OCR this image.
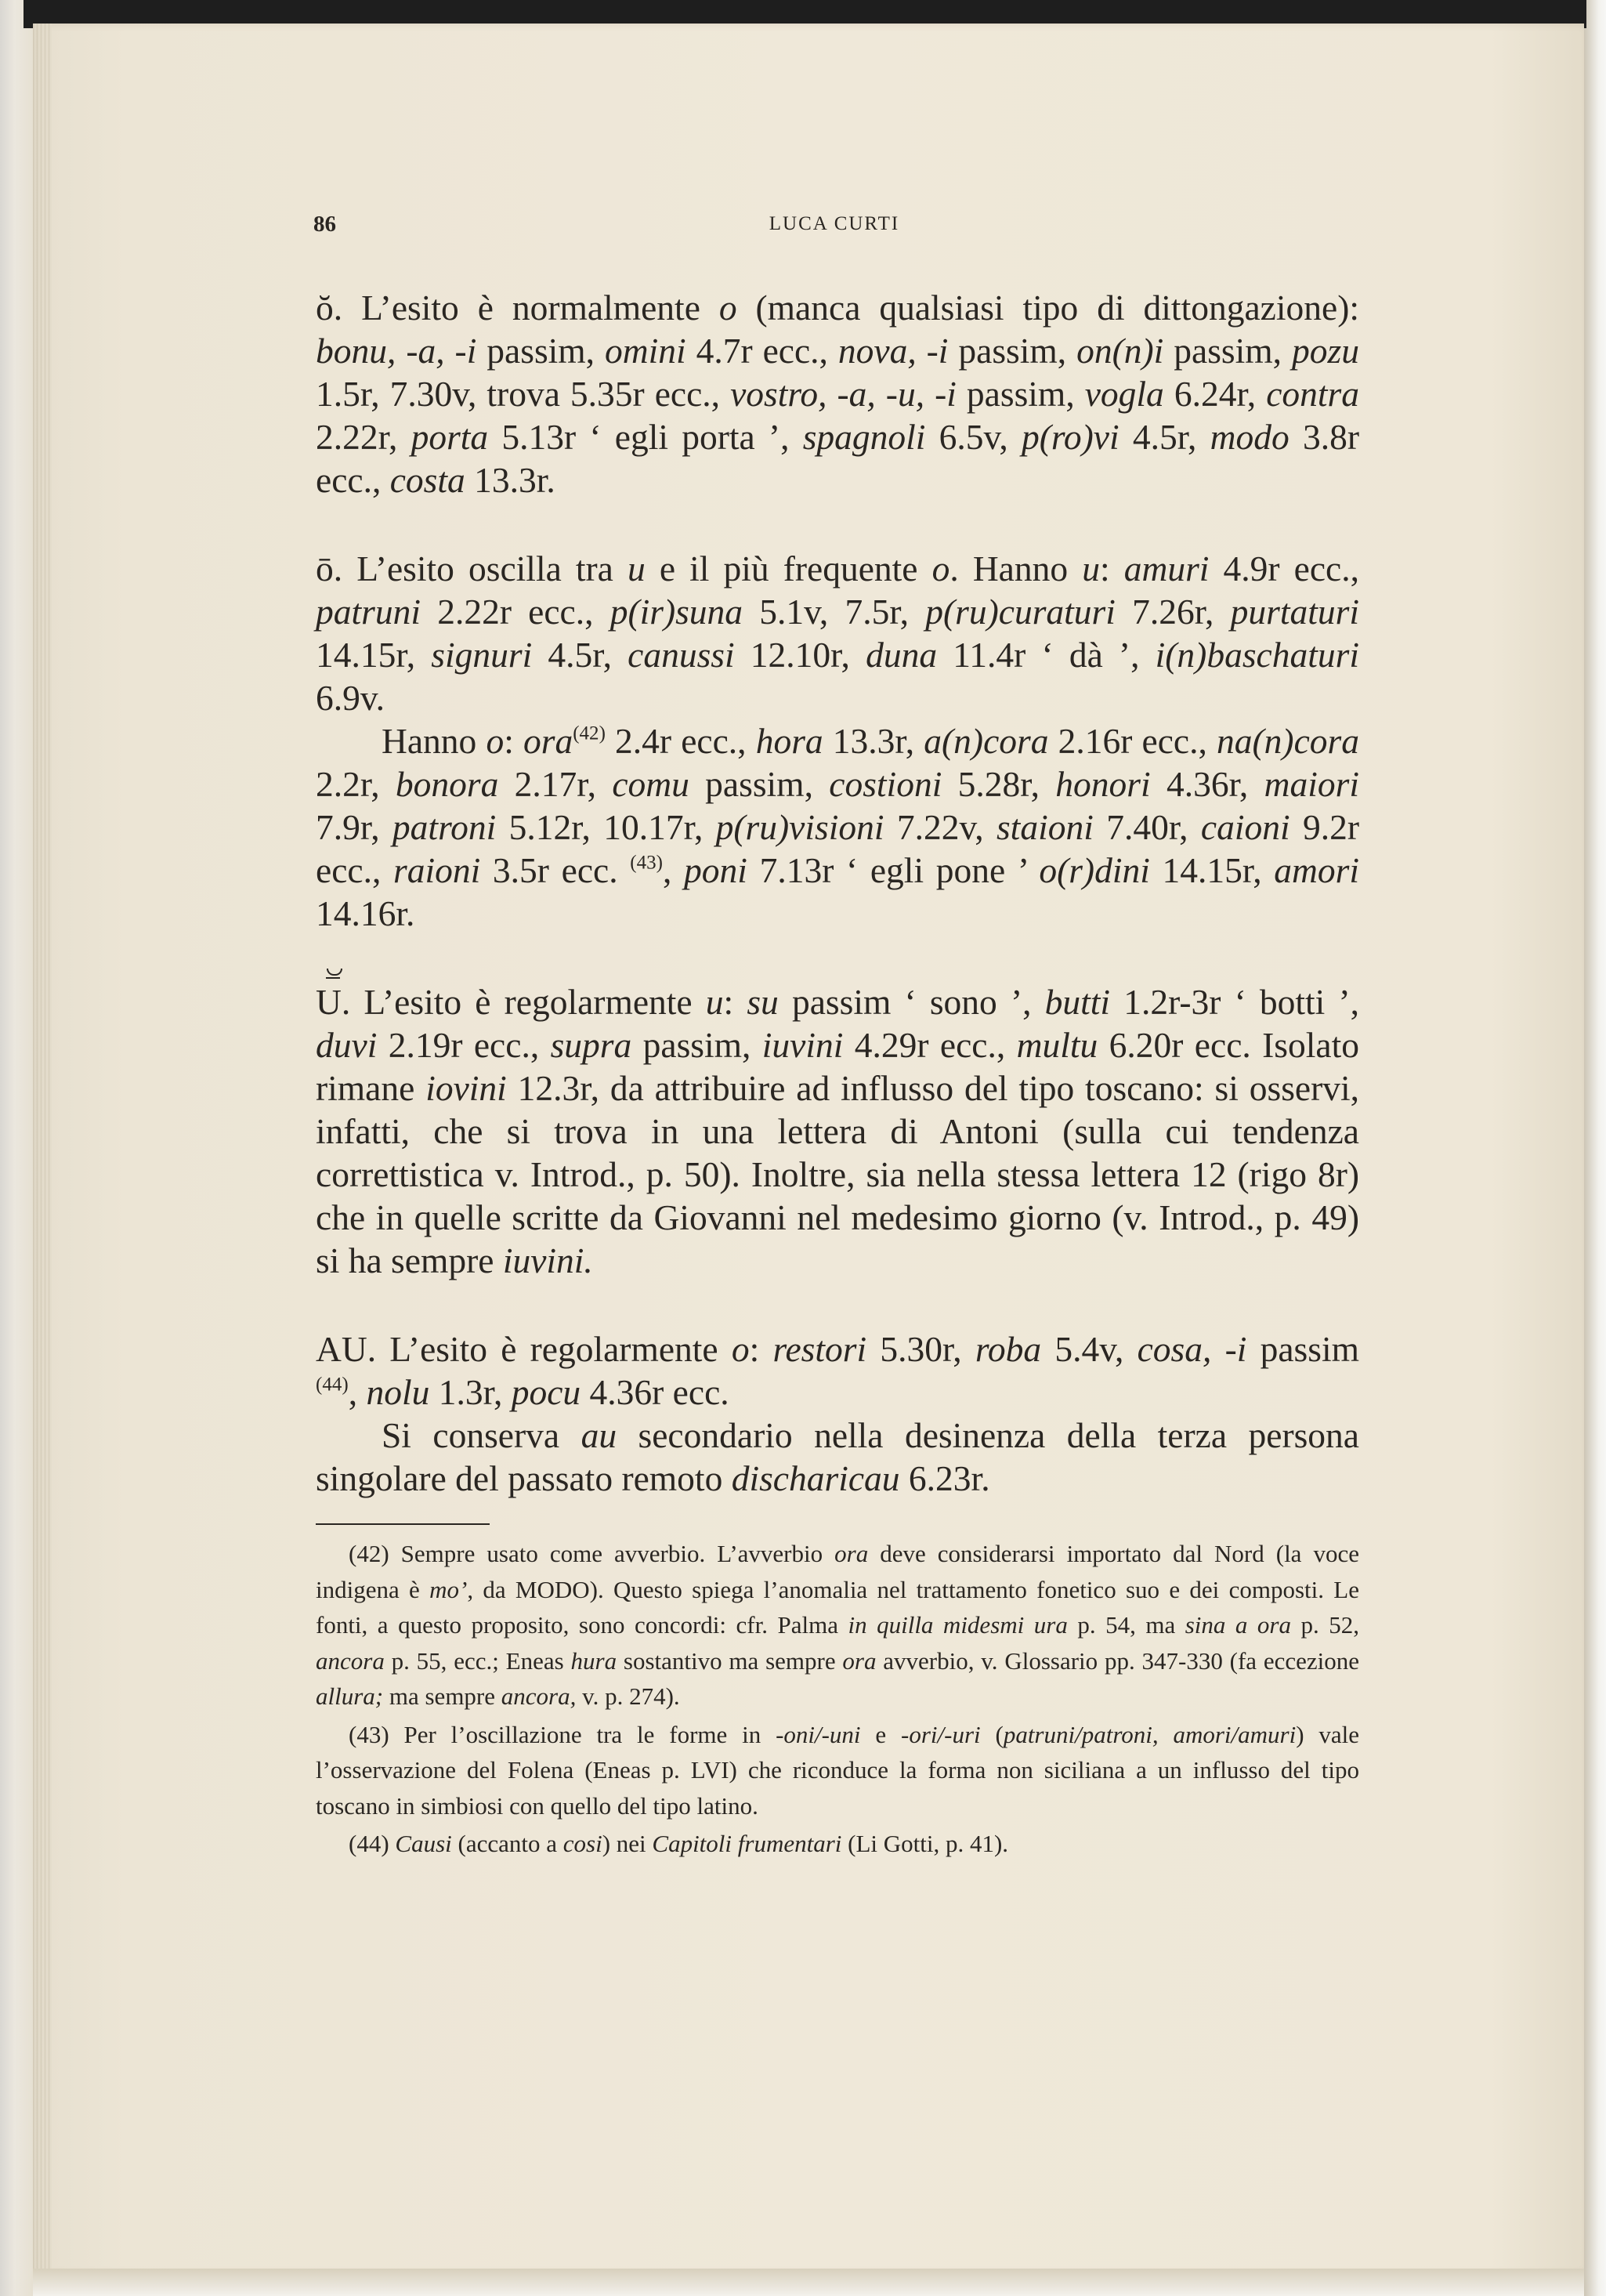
86	LUCA CURTI

ŏ. L’esito è normalmente o (manca qualsiasi tipo di dittongazione): bonu, -a, -i passim, omini 4.7r ecc., nova, -i passim, on(n)i passim, pozu 1.5r, 7.30v, trova 5.35r ecc., vostro, -a, -u, -i passim, vogla 6.24r, contra 2.22r, porta 5.13r ‘ egli porta ’, spagnoli 6.5v, p(ro)vi 4.5r, modo 3.8r ecc., costa 13.3r.

ō. L’esito oscilla tra u e il più frequente o. Hanno u: amuri 4.9r ecc., patruni 2.22r ecc., p(ir)suna 5.1v, 7.5r, p(ru)curaturi 7.26r, purtaturi 14.15r, signuri 4.5r, canussi 12.10r, duna 11.4r ‘ dà ’, i(n)baschaturi 6.9v.

Hanno o: ora$^{(42)}$ 2.4r ecc., hora 13.3r, a(n)cora 2.16r ecc., na(n)cora 2.2r, bonora 2.17r, comu passim, costioni 5.28r, honori 4.36r, maiori 7.9r, patroni 5.12r, 10.17r, p(ru)visioni 7.22v, staioni 7.40r, caioni 9.2r ecc., raioni 3.5r ecc. $^{(43)}$, poni 7.13r ‘ egli pone ’ o(r)dini 14.15r, amori 14.16r.

U. L’esito è regolarmente u: su passim ‘ sono ’, butti 1.2r-3r ‘ botti ’, duvi 2.19r ecc., supra passim, iuvini 4.29r ecc., multu 6.20r ecc. Isolato rimane iovini 12.3r, da attribuire ad influsso del tipo toscano: si osservi, infatti, che si trova in una lettera di Antoni (sulla cui tendenza correttistica v. Introd., p. 50). Inoltre, sia nella stessa lettera 12 (rigo 8r) che in quelle scritte da Giovanni nel medesimo giorno (v. Introd., p. 49) si ha sempre iuvini.

AU. L’esito è regolarmente o: restori 5.30r, roba 5.4v, cosa, -i passim $^{(44)}$, nolu 1.3r, pocu 4.36r ecc.

Si conserva au secondario nella desinenza della terza persona singolare del passato remoto discharicau 6.23r.

(42) Sempre usato come avverbio. L’avverbio ora deve considerarsi importato dal Nord (la voce indigena è mo’, da MODO). Questo spiega l’anomalia nel trattamento fonetico suo e dei composti. Le fonti, a questo proposito, sono concordi: cfr. Palma in quilla midesmi ura p. 54, ma sina a ora p. 52, ancora p. 55, ecc.; Eneas hura sostantivo ma sempre ora avverbio, v. Glossario pp. 347-330 (fa eccezione allura; ma sempre ancora, v. p. 274).

(43) Per l’oscillazione tra le forme in -oni/-uni e -ori/-uri (patruni/patroni, amori/amuri) vale l’osservazione del Folena (Eneas p. LVI) che riconduce la forma non siciliana a un influsso del tipo toscano in simbiosi con quello del tipo latino.

(44) Causi (accanto a cosi) nei Capitoli frumentari (Li Gotti, p. 41).
